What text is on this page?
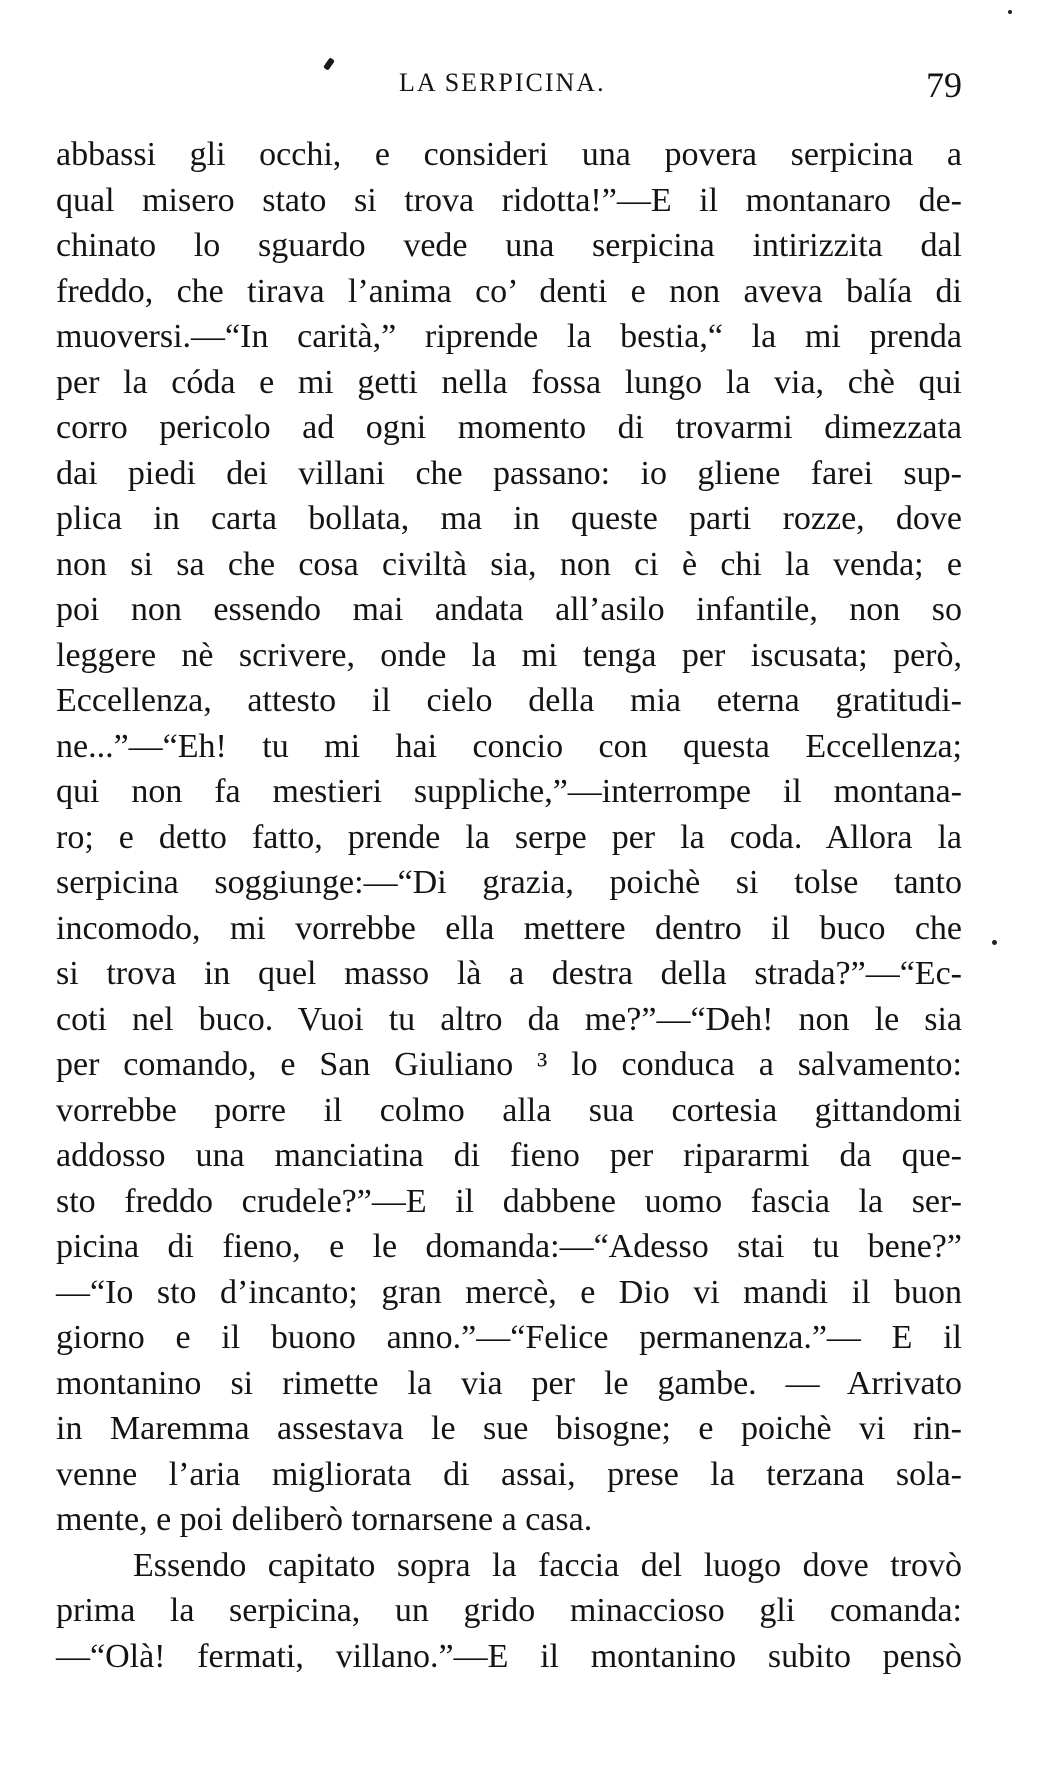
LA SERPICINA.	79
abbassi gli occhi, e consideri una povera serpicina a
qual misero stato si trova ridotta!”—E il montanaro de-
chinato lo sguardo vede una serpicina intirizzita dal
freddo, che tirava l’anima co’ denti e non aveva balía di
muoversi.—“In carità,” riprende la bestia,“ la mi prenda
per la códa e mi getti nella fossa lungo la via, chè qui
corro pericolo ad ogni momento di trovarmi dimezzata
dai piedi dei villani che passano: io gliene farei sup-
plica in carta bollata, ma in queste parti rozze, dove
non si sa che cosa civiltà sia, non ci è chi la venda; e
poi non essendo mai andata all’asilo infantile, non so
leggere nè scrivere, onde la mi tenga per iscusata; però,
Eccellenza, attesto il cielo della mia eterna gratitudi-
ne...”—“Eh! tu mi hai concio con questa Eccellenza;
qui non fa mestieri suppliche,”—interrompe il montana-
ro; e detto fatto, prende la serpe per la coda. Allora la
serpicina soggiunge:—“Di grazia, poichè si tolse tanto
incomodo, mi vorrebbe ella mettere dentro il buco che
si trova in quel masso là a destra della strada?”—“Ec-
coti nel buco. Vuoi tu altro da me?”—“Deh! non le sia
per comando, e San Giuliano ³ lo conduca a salvamento:
vorrebbe porre il colmo alla sua cortesia gittandomi
addosso una manciatina di fieno per ripararmi da que-
sto freddo crudele?”—E il dabbene uomo fascia la ser-
picina di fieno, e le domanda:—“Adesso stai tu bene?”
—“Io sto d’incanto; gran mercè, e Dio vi mandi il buon
giorno e il buono anno.”—“Felice permanenza.”— E il
montanino si rimette la via per le gambe. — Arrivato
in Maremma assestava le sue bisogne; e poichè vi rin-
venne l’aria migliorata di assai, prese la terzana sola-
mente, e poi deliberò tornarsene a casa.
Essendo capitato sopra la faccia del luogo dove trovò
prima la serpicina, un grido minaccioso gli comanda:
—“Olà! fermati, villano.”—E il montanino subito pensò
